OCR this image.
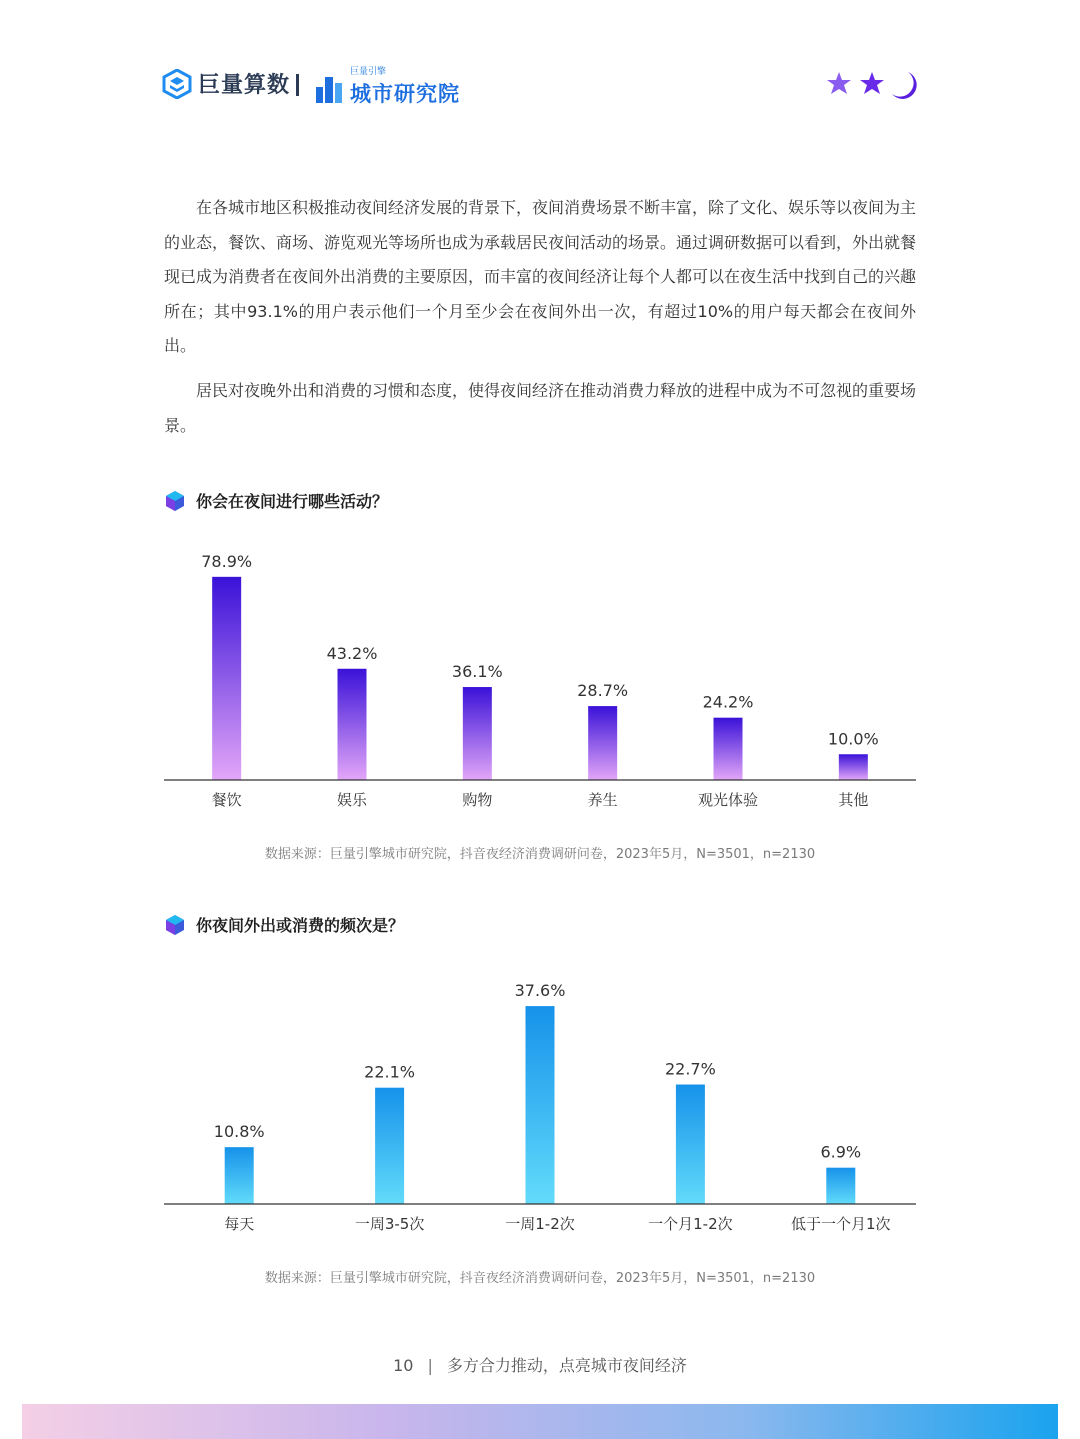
巨量算数
巨量引擎
城市研究院

在各城市地区积极推动夜间经济发展的背景下，夜间消费场景不断丰富，除了文化、娱乐等以夜间为主的业态，餐饮、商场、游览观光等场所也成为承载居民夜间活动的场景。通过调研数据可以看到，外出就餐现已成为消费者在夜间外出消费的主要原因，而丰富的夜间经济让每个人都可以在夜生活中找到自己的兴趣所在；其中93.1%的用户表示他们一个月至少会在夜间外出一次，有超过10%的用户每天都会在夜间外出。

居民对夜晚外出和消费的习惯和态度，使得夜间经济在推动消费力释放的进程中成为不可忽视的重要场景。

你会在夜间进行哪些活动？
78.9%
餐饮
43.2%
娱乐
36.1%
购物
28.7%
养生
24.2%
观光体验
10.0%
其他
数据来源：巨量引擎城市研究院，抖音夜经济消费调研问卷，2023年5月，N=3501，n=2130
你夜间外出或消费的频次是？
10.8%
每天
22.1%
一周3-5次
37.6%
一周1-2次
22.7%
一个月1-2次
6.9%
低于一个月1次
数据来源：巨量引擎城市研究院，抖音夜经济消费调研问卷，2023年5月，N=3501，n=2130
10 | 多方合力推动，点亮城市夜间经济
